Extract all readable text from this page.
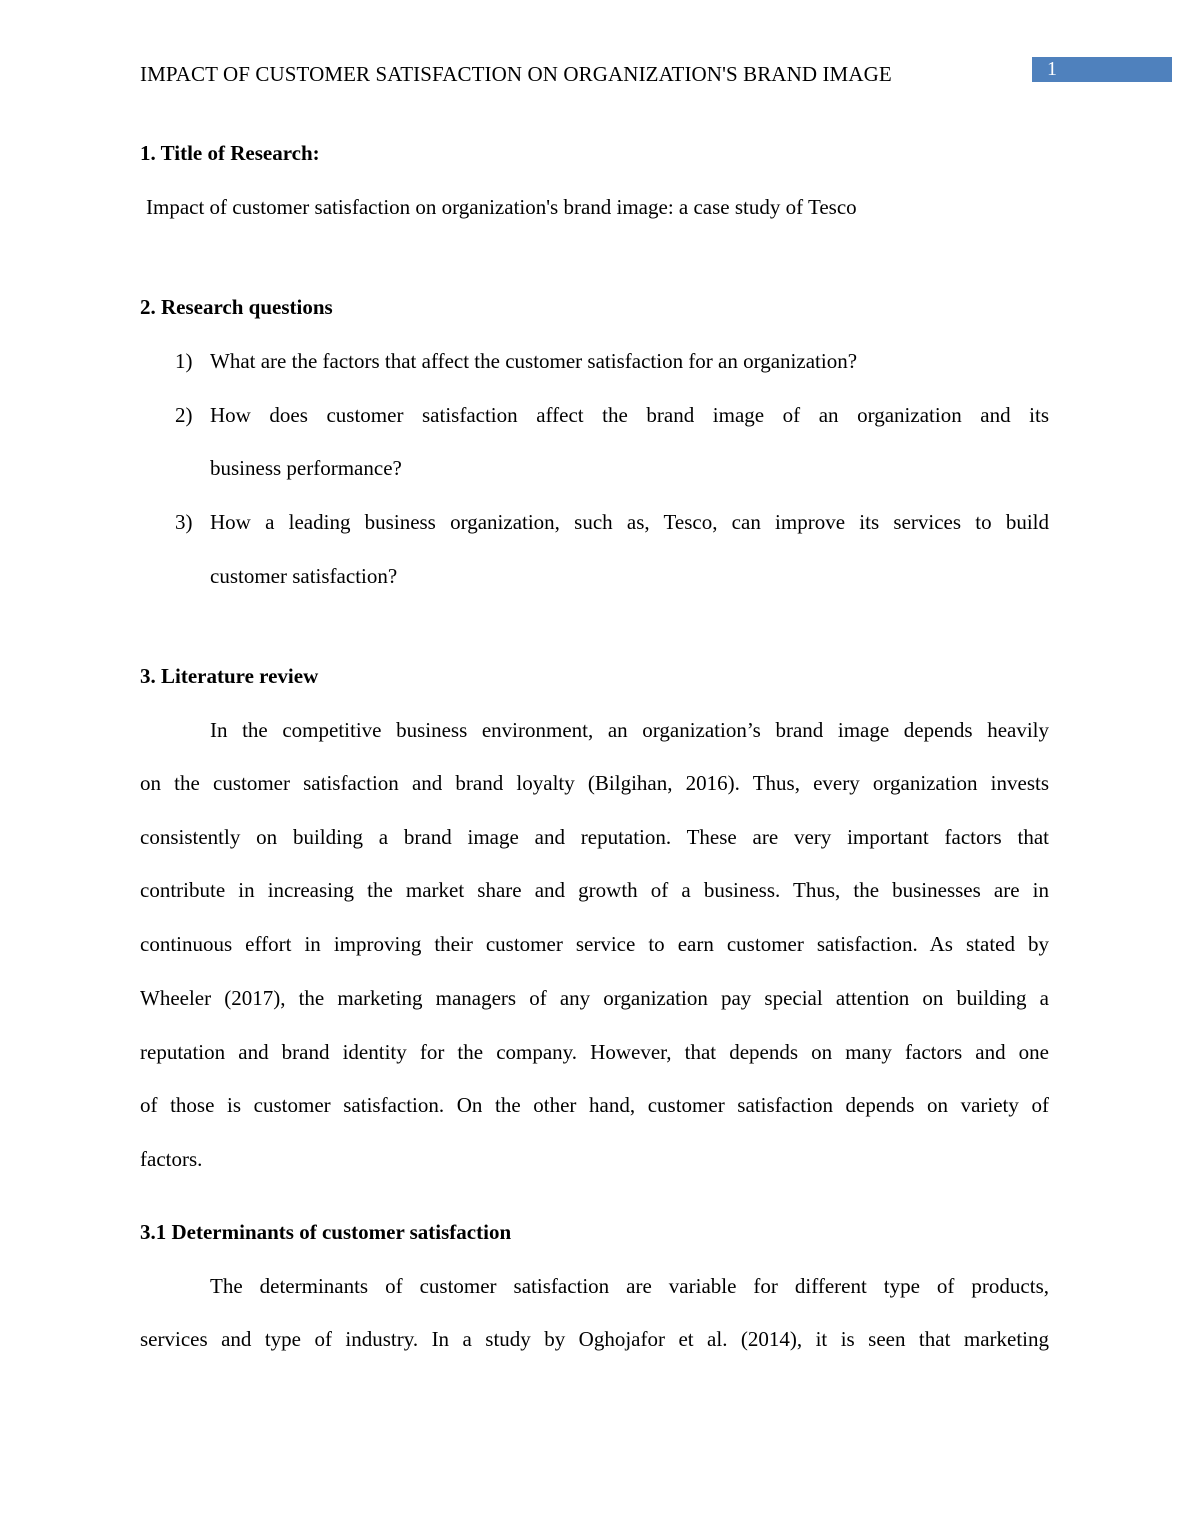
IMPACT OF CUSTOMER SATISFACTION ON ORGANIZATION'S BRAND IMAGE	1
1. Title of Research:
Impact of customer satisfaction on organization's brand image: a case study of Tesco
2. Research questions
1) What are the factors that affect the customer satisfaction for an organization?
2) How does customer satisfaction affect the brand image of an organization and its
business performance?
3) How a leading business organization, such as, Tesco, can improve its services to build
customer satisfaction?
3. Literature review
In the competitive business environment, an organization’s brand image depends heavily
on the customer satisfaction and brand loyalty (Bilgihan, 2016). Thus, every organization invests
consistently on building a brand image and reputation. These are very important factors that
contribute in increasing the market share and growth of a business. Thus, the businesses are in
continuous effort in improving their customer service to earn customer satisfaction. As stated by
Wheeler (2017), the marketing managers of any organization pay special attention on building a
reputation and brand identity for the company. However, that depends on many factors and one
of those is customer satisfaction. On the other hand, customer satisfaction depends on variety of
factors.
3.1 Determinants of customer satisfaction
The determinants of customer satisfaction are variable for different type of products,
services and type of industry. In a study by Oghojafor et al. (2014), it is seen that marketing
